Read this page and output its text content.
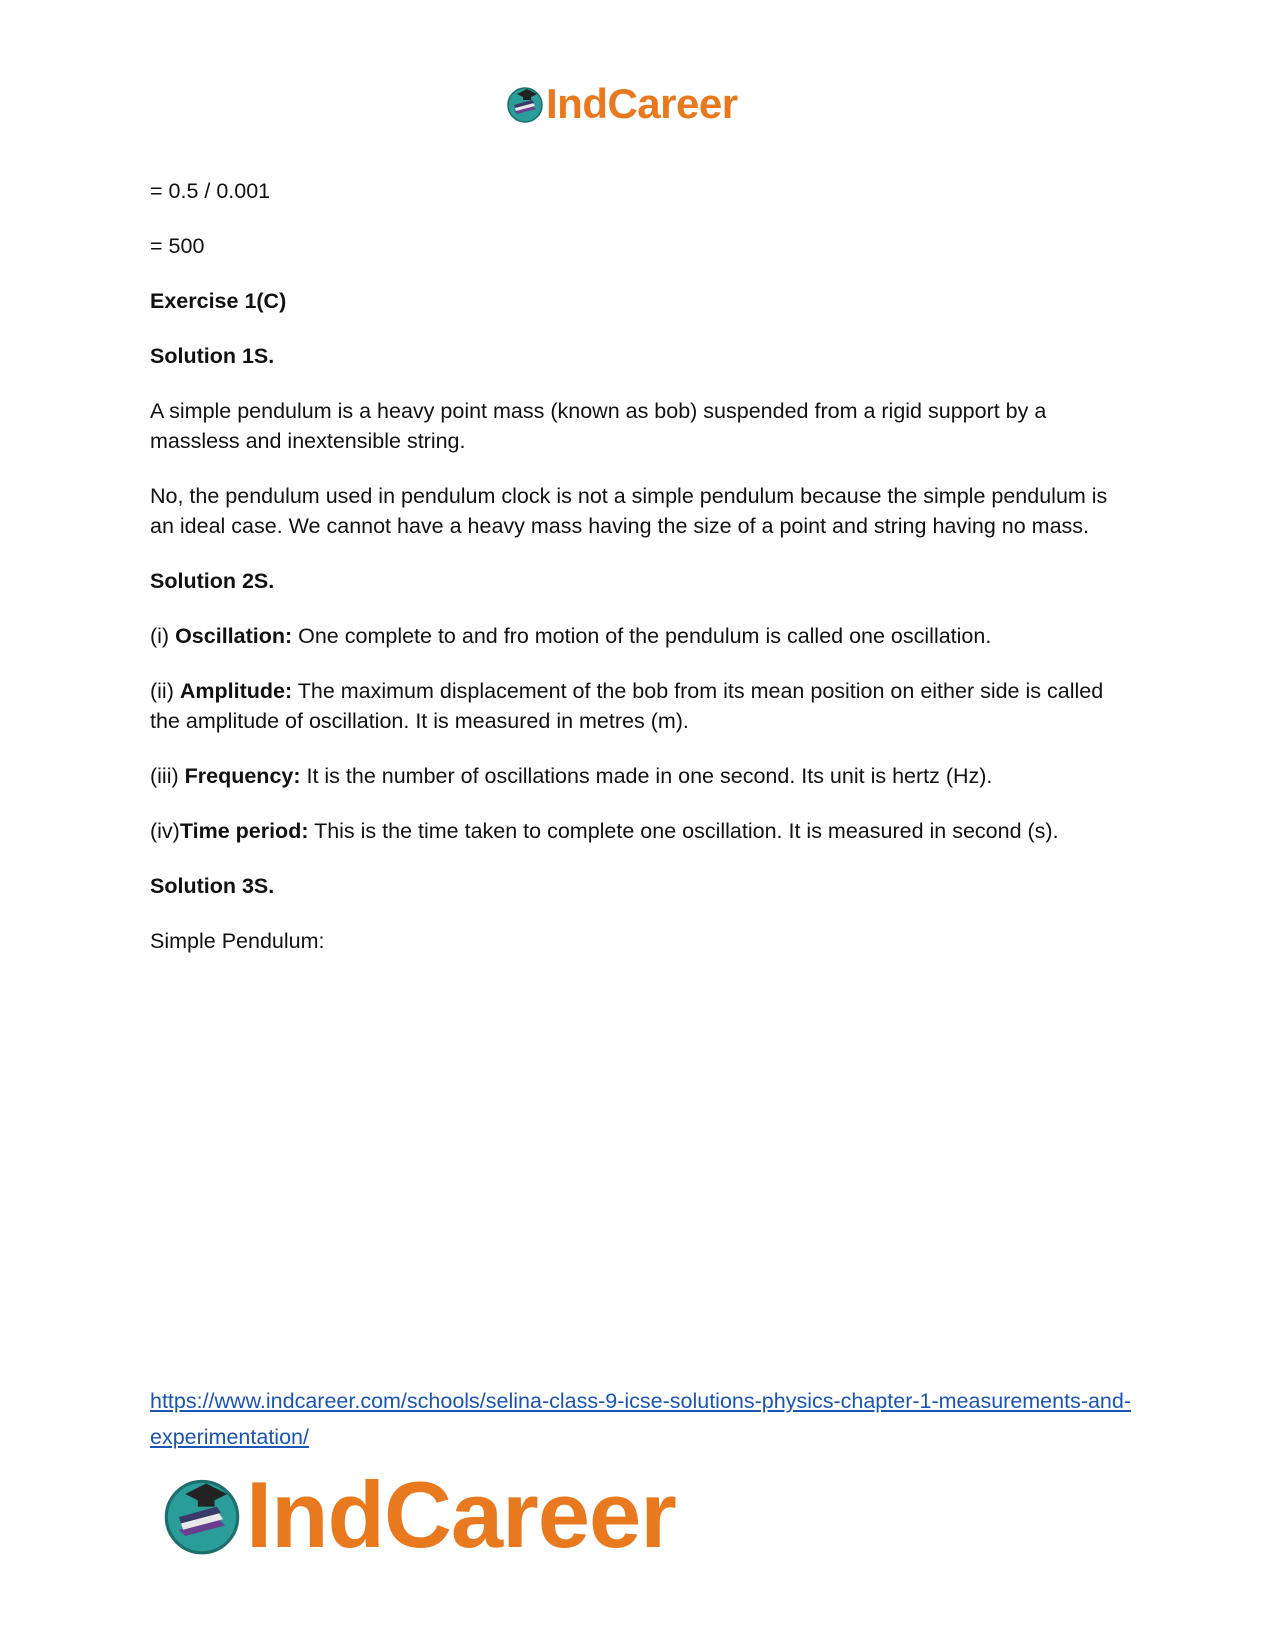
IndCareer

= 0.5 / 0.001

= 500

Exercise 1(C)

Solution 1S.

A simple pendulum is a heavy point mass (known as bob) suspended from a rigid support by a massless and inextensible string.

No, the pendulum used in pendulum clock is not a simple pendulum because the simple pendulum is an ideal case. We cannot have a heavy mass having the size of a point and string having no mass.

Solution 2S.

(i) Oscillation: One complete to and fro motion of the pendulum is called one oscillation.

(ii) Amplitude: The maximum displacement of the bob from its mean position on either side is called the amplitude of oscillation. It is measured in metres (m).

(iii) Frequency: It is the number of oscillations made in one second. Its unit is hertz (Hz).

(iv)Time period: This is the time taken to complete one oscillation. It is measured in second (s).

Solution 3S.

Simple Pendulum:

https://www.indcareer.com/schools/selina-class-9-icse-solutions-physics-chapter-1-measurements-and-experimentation/
IndCareer
